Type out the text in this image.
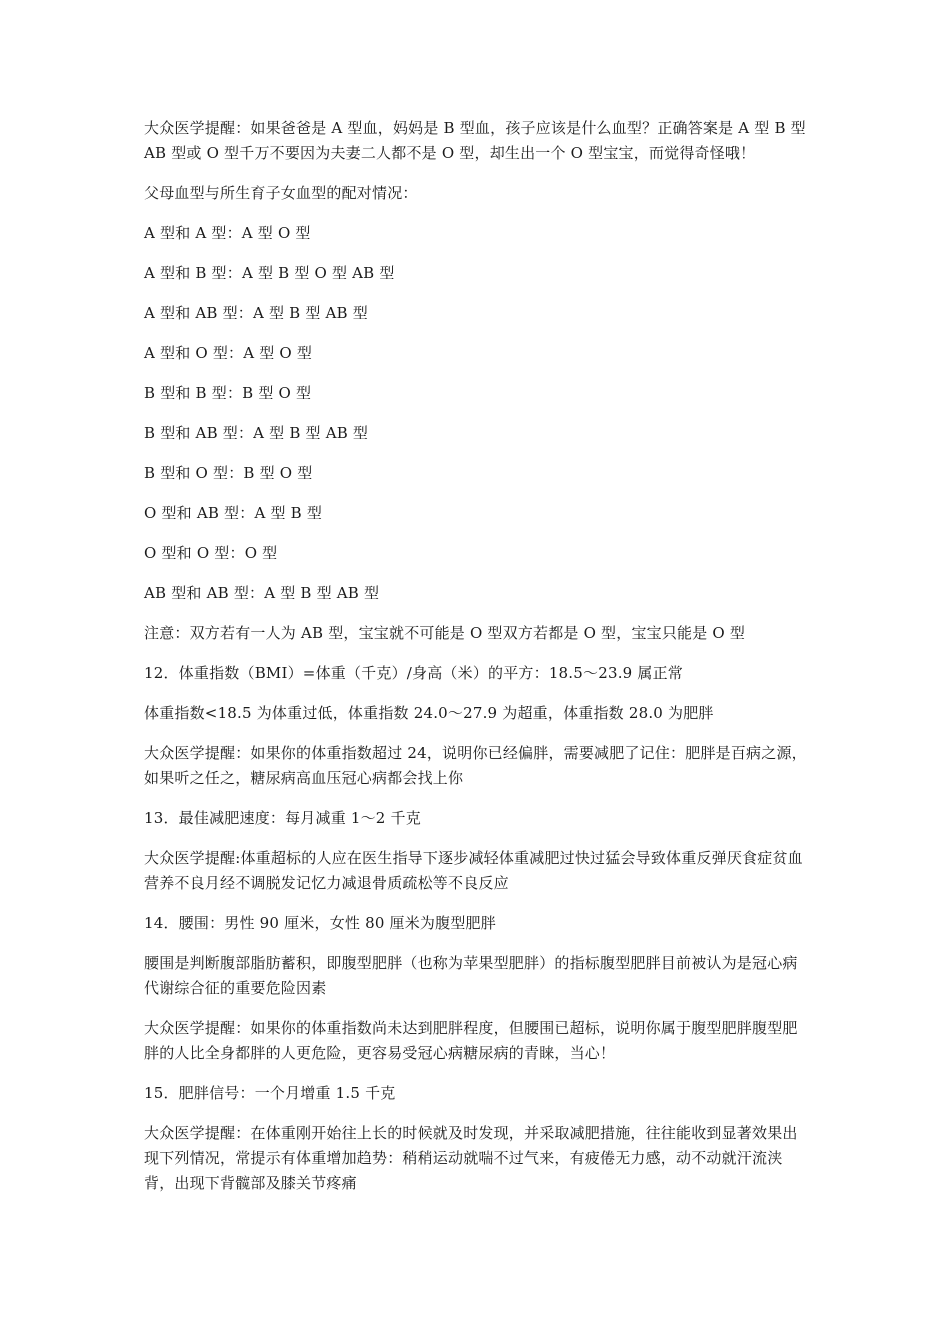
大众医学提醒：如果爸爸是 A 型血，妈妈是 B 型血，孩子应该是什么血型？正确答案是 A 型 B 型 AB 型或 O 型千万不要因为夫妻二人都不是 O 型，却生出一个 O 型宝宝，而觉得奇怪哦！

父母血型与所生育子女血型的配对情况：

A 型和 A 型：A 型 O 型

A 型和 B 型：A 型 B 型 O 型 AB 型

A 型和 AB 型：A 型 B 型 AB 型

A 型和 O 型：A 型 O 型

B 型和 B 型：B 型 O 型

B 型和 AB 型：A 型 B 型 AB 型

B 型和 O 型：B 型 O 型

O 型和 AB 型：A 型 B 型

O 型和 O 型：O 型

AB 型和 AB 型：A 型 B 型 AB 型

注意：双方若有一人为 AB 型，宝宝就不可能是 O 型双方若都是 O 型，宝宝只能是 O 型

12．体重指数（BMI）=体重（千克）/身高（米）的平方：18.5～23.9 属正常

体重指数<18.5 为体重过低，体重指数 24.0～27.9 为超重，体重指数 28.0 为肥胖

大众医学提醒：如果你的体重指数超过 24，说明你已经偏胖，需要减肥了记住：肥胖是百病之源，如果听之任之，糖尿病高血压冠心病都会找上你

13．最佳减肥速度：每月减重 1～2 千克

大众医学提醒:体重超标的人应在医生指导下逐步减轻体重减肥过快过猛会导致体重反弹厌食症贫血营养不良月经不调脱发记忆力减退骨质疏松等不良反应

14．腰围：男性 90 厘米，女性 80 厘米为腹型肥胖

腰围是判断腹部脂肪蓄积，即腹型肥胖（也称为苹果型肥胖）的指标腹型肥胖目前被认为是冠心病代谢综合征的重要危险因素

大众医学提醒：如果你的体重指数尚未达到肥胖程度，但腰围已超标，说明你属于腹型肥胖腹型肥胖的人比全身都胖的人更危险，更容易受冠心病糖尿病的青睐，当心！

15．肥胖信号：一个月增重 1.5 千克

大众医学提醒：在体重刚开始往上长的时候就及时发现，并采取减肥措施，往往能收到显著效果出现下列情况，常提示有体重增加趋势：稍稍运动就喘不过气来，有疲倦无力感，动不动就汗流浃背，出现下背髋部及膝关节疼痛
